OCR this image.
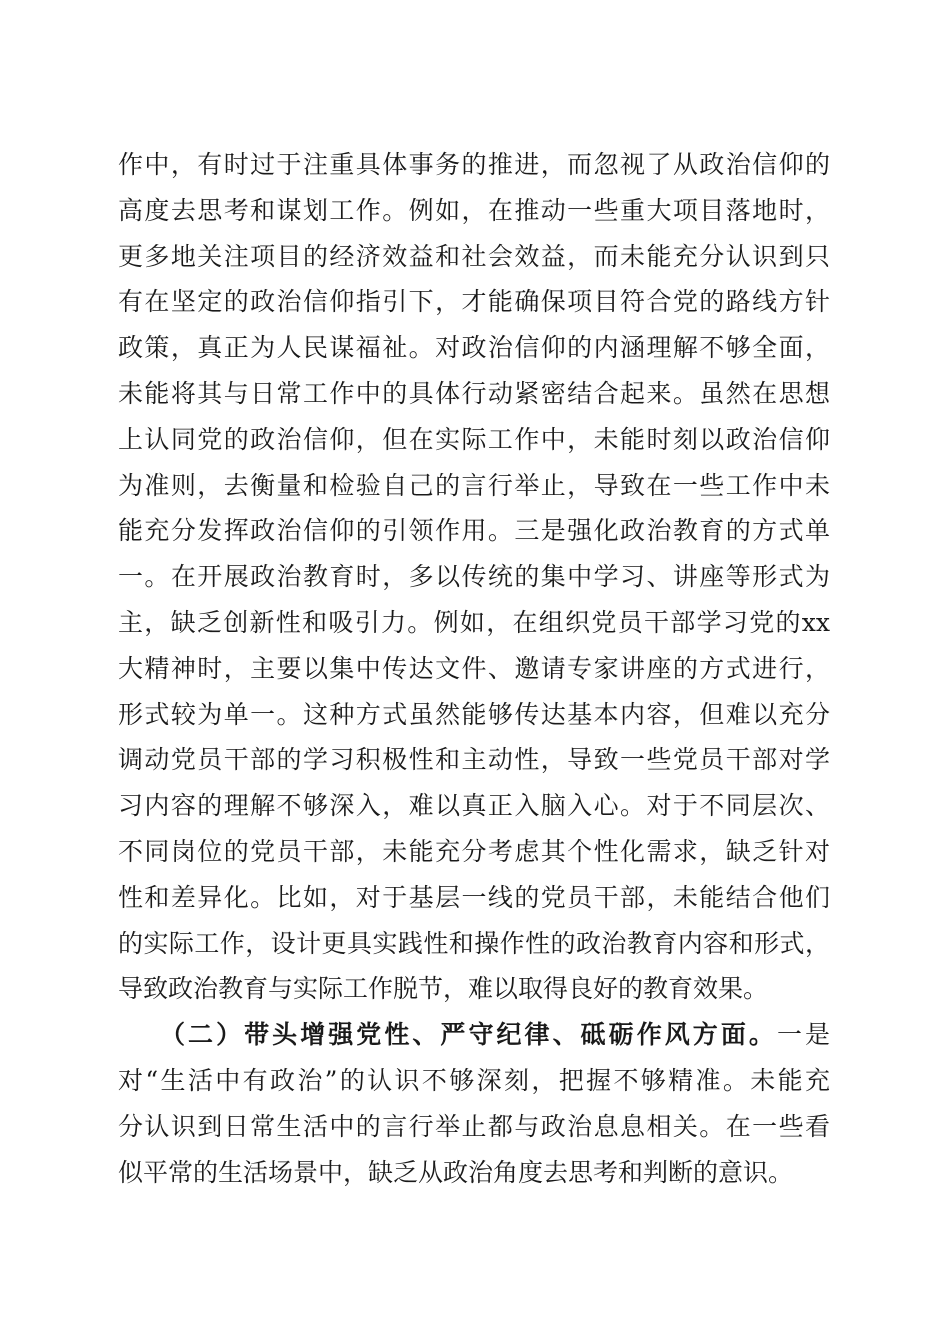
作中，有时过于注重具体事务的推进，而忽视了从政治信仰的
高度去思考和谋划工作。例如，在推动一些重大项目落地时，
更多地关注项目的经济效益和社会效益，而未能充分认识到只
有在坚定的政治信仰指引下，才能确保项目符合党的路线方针
政策，真正为人民谋福祉。对政治信仰的内涵理解不够全面，
未能将其与日常工作中的具体行动紧密结合起来。虽然在思想
上认同党的政治信仰，但在实际工作中，未能时刻以政治信仰
为准则，去衡量和检验自己的言行举止，导致在一些工作中未
能充分发挥政治信仰的引领作用。三是强化政治教育的方式单
一。在开展政治教育时，多以传统的集中学习、讲座等形式为
主，缺乏创新性和吸引力。例如，在组织党员干部学习党的xx
大精神时，主要以集中传达文件、邀请专家讲座的方式进行，
形式较为单一。这种方式虽然能够传达基本内容，但难以充分
调动党员干部的学习积极性和主动性，导致一些党员干部对学
习内容的理解不够深入，难以真正入脑入心。对于不同层次、
不同岗位的党员干部，未能充分考虑其个性化需求，缺乏针对
性和差异化。比如，对于基层一线的党员干部，未能结合他们
的实际工作，设计更具实践性和操作性的政治教育内容和形式，
导致政治教育与实际工作脱节，难以取得良好的教育效果。
（二）带头增强党性、严守纪律、砥砺作风方面。一是
对“生活中有政治”的认识不够深刻，把握不够精准。未能充
分认识到日常生活中的言行举止都与政治息息相关。在一些看
似平常的生活场景中，缺乏从政治角度去思考和判断的意识。
